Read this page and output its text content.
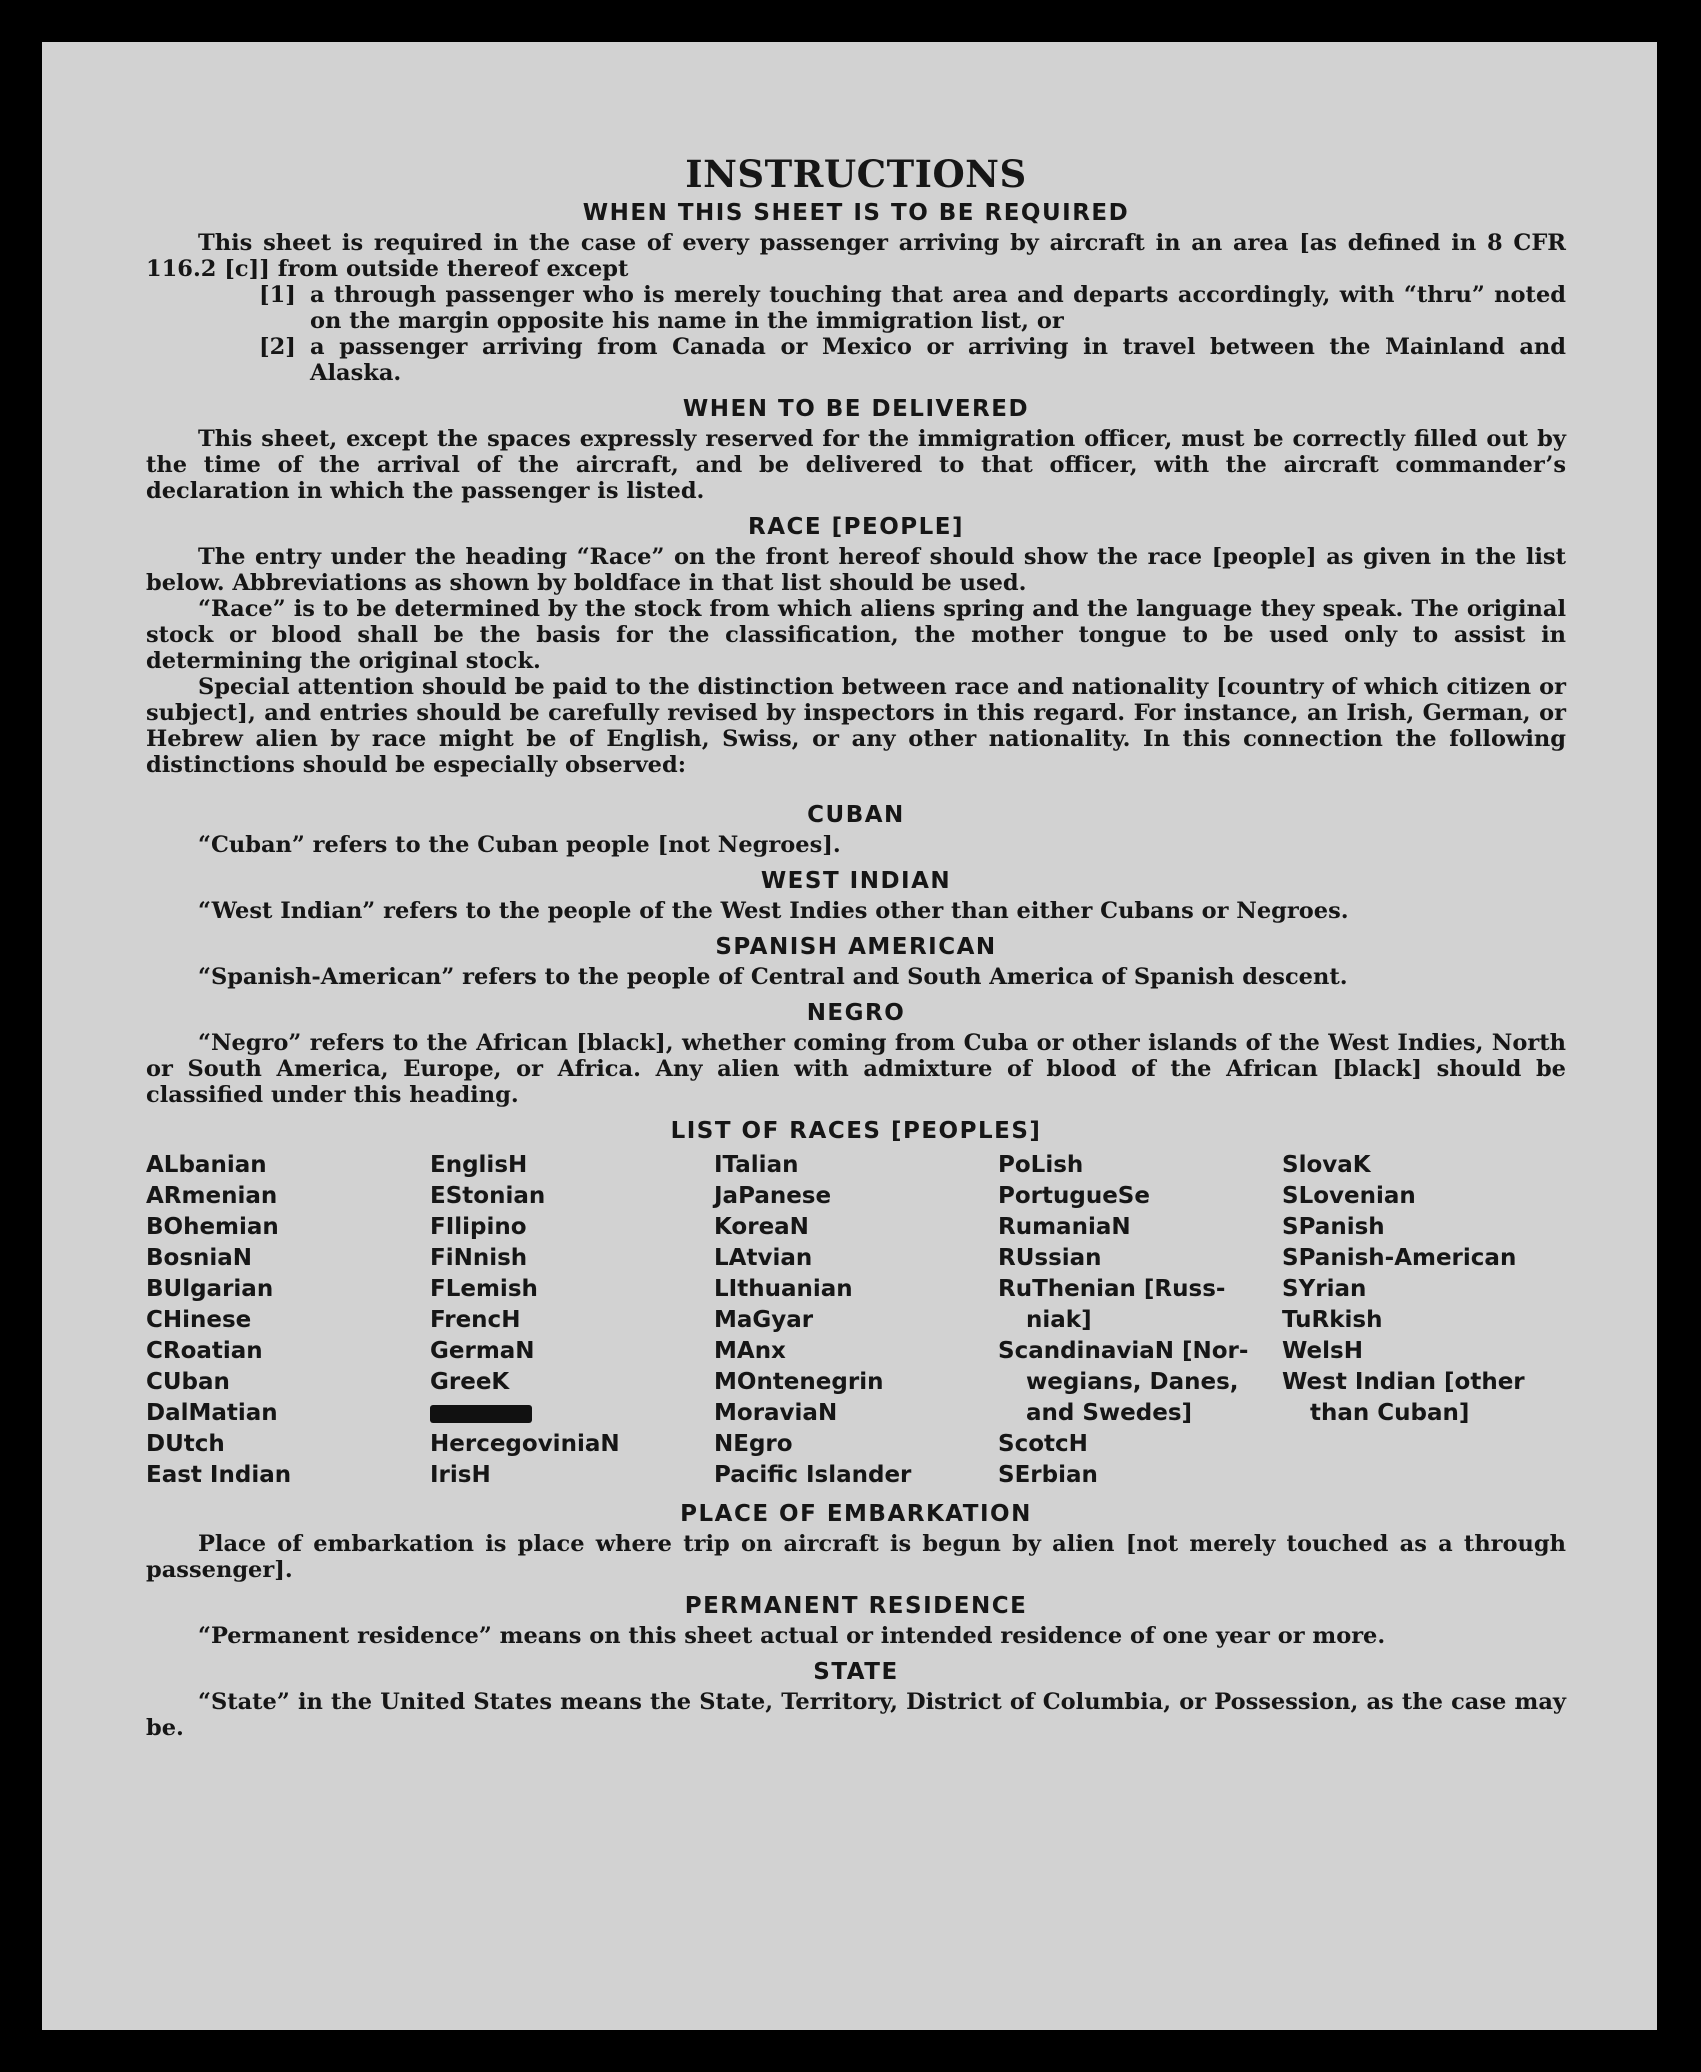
INSTRUCTIONS
WHEN THIS SHEET IS TO BE REQUIRED

This sheet is required in the case of every passenger arriving by aircraft in an area [as defined in 8 CFR 116.2 [c]] from outside thereof except

[1] a through passenger who is merely touching that area and departs accordingly, with “thru” noted on the margin opposite his name in the immigration list, or
[2] a passenger arriving from Canada or Mexico or arriving in travel between the Mainland and Alaska.
WHEN TO BE DELIVERED

This sheet, except the spaces expressly reserved for the immigration officer, must be correctly filled out by the time of the arrival of the aircraft, and be delivered to that officer, with the aircraft commander’s declaration in which the passenger is listed.

RACE [PEOPLE]

The entry under the heading “Race” on the front hereof should show the race [people] as given in the list below. Abbreviations as shown by boldface in that list should be used.

“Race” is to be determined by the stock from which aliens spring and the language they speak. The original stock or blood shall be the basis for the classification, the mother tongue to be used only to assist in determining the original stock.

Special attention should be paid to the distinction between race and nationality [country of which citizen or subject], and entries should be carefully revised by inspectors in this regard. For instance, an Irish, German, or Hebrew alien by race might be of English, Swiss, or any other nationality. In this connection the following distinctions should be especially observed:

CUBAN

“Cuban” refers to the Cuban people [not Negroes].

WEST INDIAN

“West Indian” refers to the people of the West Indies other than either Cubans or Negroes.

SPANISH AMERICAN

“Spanish-American” refers to the people of Central and South America of Spanish descent.

NEGRO

“Negro” refers to the African [black], whether coming from Cuba or other islands of the West Indies, North or South America, Europe, or Africa. Any alien with admixture of blood of the African [black] should be classified under this heading.

LIST OF RACES [PEOPLES]
ALbanian
ARmenian
BOhemian
BosniaN
BUlgarian
CHinese
CRoatian
CUban
DalMatian
DUtch
East Indian
EnglisH
EStonian
FIlipino
FiNnish
FLemish
FrencH
GermaN
GreeK
HercegoviniaN
IrisH
ITalian
JaPanese
KoreaN
LAtvian
LIthuanian
MaGyar
MAnx
MOntenegrin
MoraviaN
NEgro
Pacific Islander
PoLish
PortugueSe
RumaniaN
RUssian
RuThenian [Russ-
niak]
ScandinaviaN [Nor-
wegians, Danes,
and Swedes]
ScotcH
SErbian
SlovaK
SLovenian
SPanish
SPanish-American
SYrian
TuRkish
WelsH
West Indian [other
than Cuban]
PLACE OF EMBARKATION

Place of embarkation is place where trip on aircraft is begun by alien [not merely touched as a through passenger].

PERMANENT RESIDENCE

“Permanent residence” means on this sheet actual or intended residence of one year or more.

STATE

“State” in the United States means the State, Territory, District of Columbia, or Possession, as the case may be.
